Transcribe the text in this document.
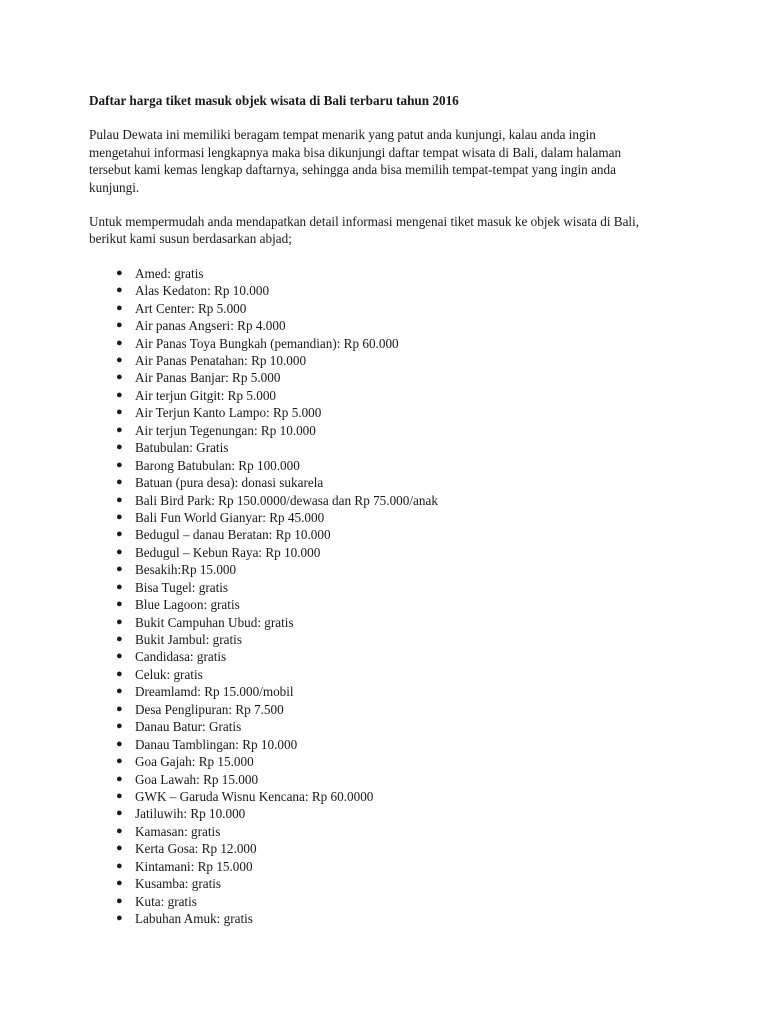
Daftar harga tiket masuk objek wisata di Bali terbaru tahun 2016
Pulau Dewata ini memiliki beragam tempat menarik yang patut anda kunjungi, kalau anda ingin
mengetahui informasi lengkapnya maka bisa dikunjungi daftar tempat wisata di Bali, dalam halaman
tersebut kami kemas lengkap daftarnya, sehingga anda bisa memilih tempat-tempat yang ingin anda
kunjungi.
Untuk mempermudah anda mendapatkan detail informasi mengenai tiket masuk ke objek wisata di Bali,
berikut kami susun berdasarkan abjad;
● Amed: gratis
● Alas Kedaton: Rp 10.000
● Art Center: Rp 5.000
● Air panas Angseri: Rp 4.000
● Air Panas Toya Bungkah (pemandian): Rp 60.000
● Air Panas Penatahan: Rp 10.000
● Air Panas Banjar: Rp 5.000
● Air terjun Gitgit: Rp 5.000
● Air Terjun Kanto Lampo: Rp 5.000
● Air terjun Tegenungan: Rp 10.000
● Batubulan: Gratis
● Barong Batubulan: Rp 100.000
● Batuan (pura desa): donasi sukarela
● Bali Bird Park: Rp 150.0000/dewasa dan Rp 75.000/anak
● Bali Fun World Gianyar: Rp 45.000
● Bedugul – danau Beratan: Rp 10.000
● Bedugul – Kebun Raya: Rp 10.000
● Besakih:Rp 15.000
● Bisa Tugel: gratis
● Blue Lagoon: gratis
● Bukit Campuhan Ubud: gratis
● Bukit Jambul: gratis
● Candidasa: gratis
● Celuk: gratis
● Dreamlamd: Rp 15.000/mobil
● Desa Penglipuran: Rp 7.500
● Danau Batur: Gratis
● Danau Tamblingan: Rp 10.000
● Goa Gajah: Rp 15.000
● Goa Lawah: Rp 15.000
● GWK – Garuda Wisnu Kencana: Rp 60.0000
● Jatiluwih: Rp 10.000
● Kamasan: gratis
● Kerta Gosa: Rp 12.000
● Kintamani: Rp 15.000
● Kusamba: gratis
● Kuta: gratis
● Labuhan Amuk: gratis
